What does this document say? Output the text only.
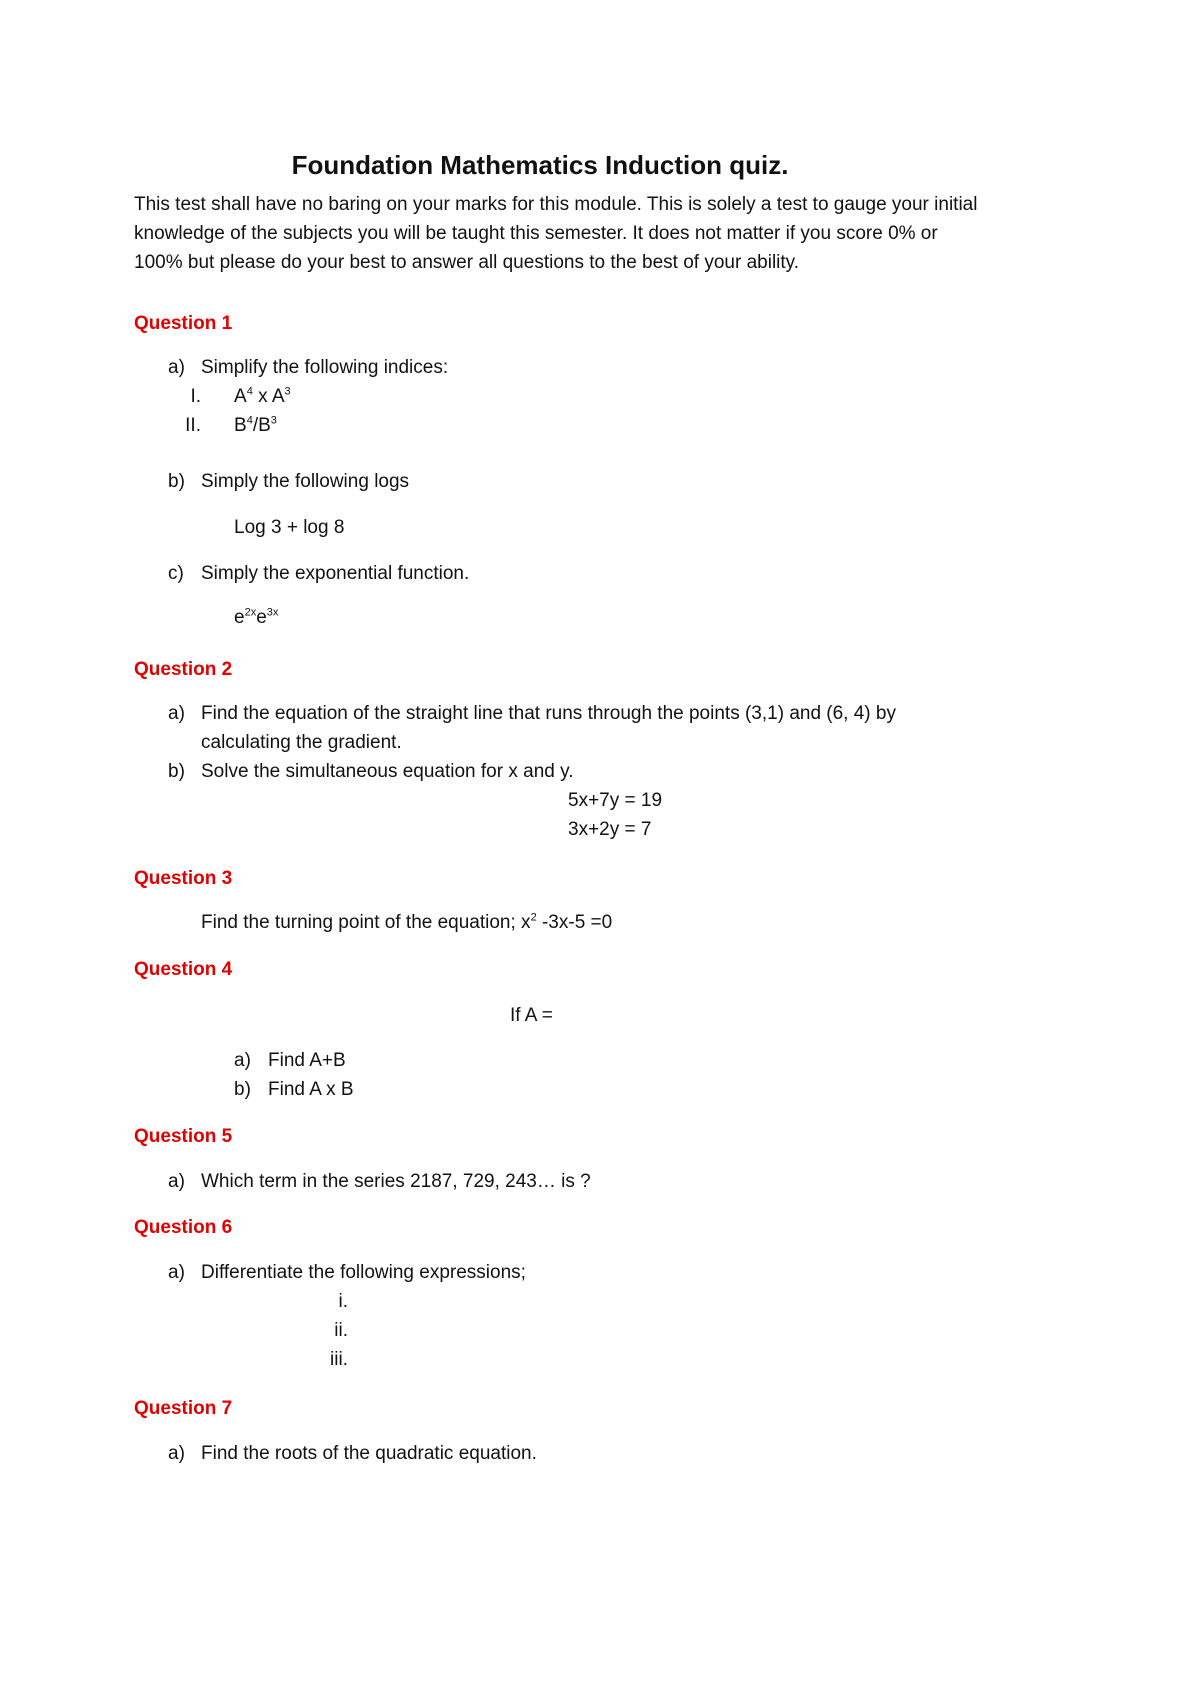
Foundation Mathematics Induction quiz.
This test shall have no baring on your marks for this module. This is solely a test to gauge your initial
knowledge of the subjects you will be taught this semester. It does not matter if you score 0% or
100% but please do your best to answer all questions to the best of your ability.
Question 1
a) Simplify the following indices:
I. $A^4$ x $A^3$
II. $B^4/B^3$
b) Simply the following logs
Log 3 + log 8
c) Simply the exponential function.
$e^{2x}e^{3x}$
Question 2
a) Find the equation of the straight line that runs through the points (3,1) and (6, 4) by
calculating the gradient.
b) Solve the simultaneous equation for x and y.
5x+7y = 19
3x+2y = 7
Question 3
Find the turning point of the equation; $x^2$ -3x-5 =0
Question 4
If A =
a) Find A+B
b) Find A x B
Question 5
a) Which term in the series 2187, 729, 243… is ?
Question 6
a) Differentiate the following expressions;
i.
ii.
iii.
Question 7
a) Find the roots of the quadratic equation.
